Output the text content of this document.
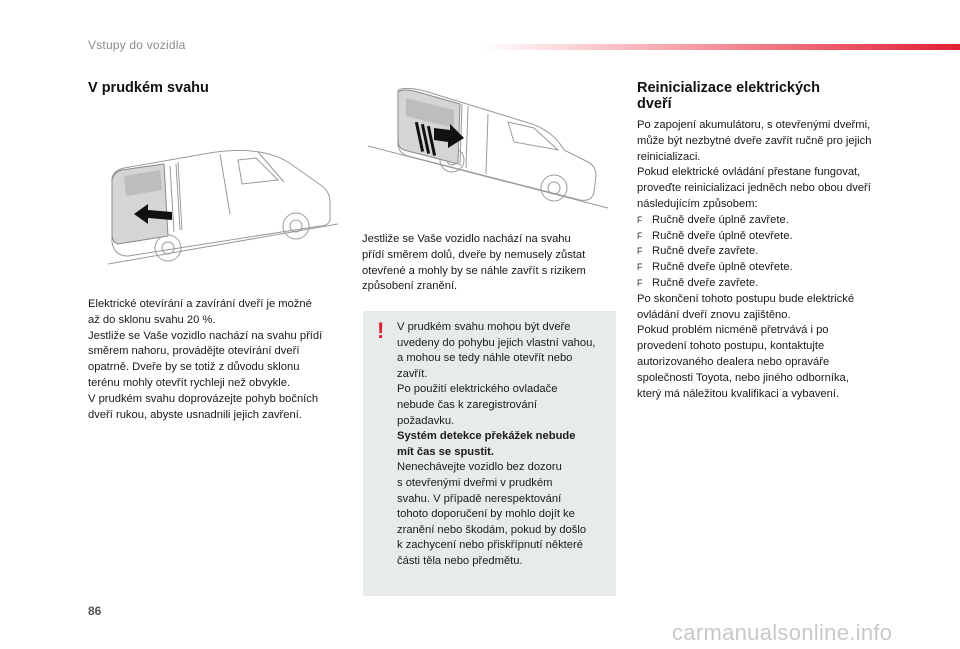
Vstupy do vozidla
V prudkém svahu
Elektrické otevírání a zavírání dveří je možné
až do sklonu svahu 20 %.
Jestliže se Vaše vozidlo nachází na svahu přídí
směrem nahoru, provádějte otevírání dveří
opatrně. Dveře by se totiž z důvodu sklonu
terénu mohly otevřít rychleji než obvykle.
V prudkém svahu doprovázejte pohyb bočních
dveří rukou, abyste usnadnili jejich zavření.
Jestliže se Vaše vozidlo nachází na svahu
přídí směrem dolů, dveře by nemusely zůstat
otevřené a mohly by se náhle zavřít s rizikem
způsobení zranění.
! V prudkém svahu mohou být dveře
uvedeny do pohybu jejich vlastní vahou,
a mohou se tedy náhle otevřít nebo
zavřít.
Po použití elektrického ovladače
nebude čas k zaregistrování
požadavku.
Systém detekce překážek nebude
mít čas se spustit.
Nenechávejte vozidlo bez dozoru
s otevřenými dveřmi v prudkém
svahu. V případě nerespektování
tohoto doporučení by mohlo dojít ke
zranění nebo škodám, pokud by došlo
k zachycení nebo přiskřípnutí některé
části těla nebo předmětu.
Reinicializace elektrických
dveří
Po zapojení akumulátoru, s otevřenými dveřmi,
může být nezbytné dveře zavřít ručně pro jejich
reinicializaci.
Pokud elektrické ovládání přestane fungovat,
proveďte reinicializaci jedněch nebo obou dveří
následujícím způsobem:
F Ručně dveře úplně zavřete.
F Ručně dveře úplně otevřete.
F Ručně dveře zavřete.
F Ručně dveře úplně otevřete.
F Ručně dveře zavřete.
Po skončení tohoto postupu bude elektrické
ovládání dveří znovu zajištěno.
Pokud problém nicméně přetrvává i po
provedení tohoto postupu, kontaktujte
autorizovaného dealera nebo opraváře
společnosti Toyota, nebo jiného odborníka,
který má náležitou kvalifikaci a vybavení.
86
carmanualsonline.info
